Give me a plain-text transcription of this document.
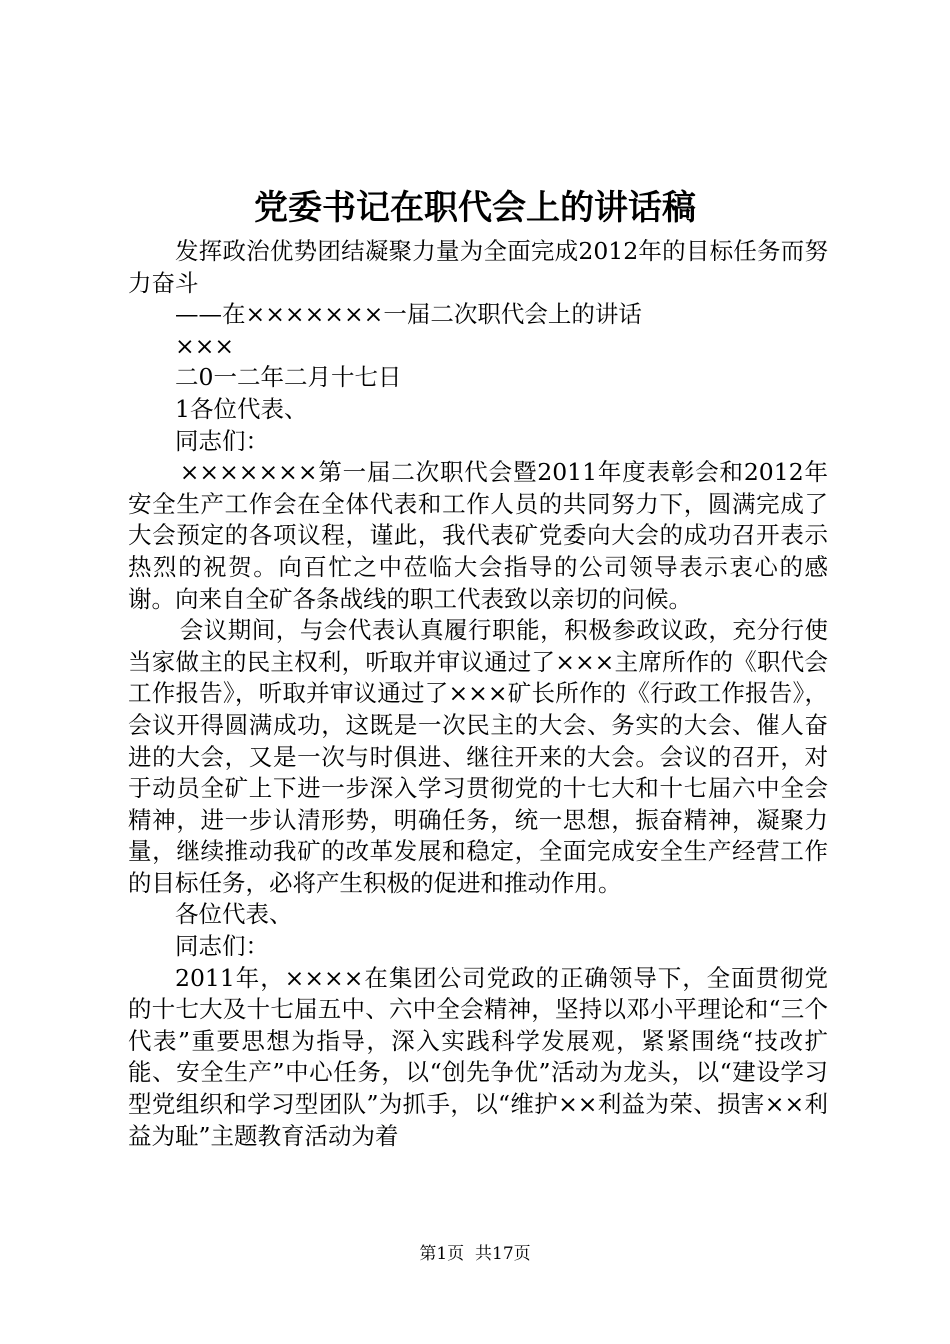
党委书记在职代会上的讲话稿

发挥政治优势团结凝聚力量为全面完成2012年的目标任务而努力奋斗

——在×××××××一届二次职代会上的讲话

×××

二0一二年二月十七日

1各位代表、

同志们：

×××××××第一届二次职代会暨2011年度表彰会和2012年安全生产工作会在全体代表和工作人员的共同努力下，圆满完成了大会预定的各项议程，谨此，我代表矿党委向大会的成功召开表示热烈的祝贺。向百忙之中莅临大会指导的公司领导表示衷心的感谢。向来自全矿各条战线的职工代表致以亲切的问候。

会议期间，与会代表认真履行职能，积极参政议政，充分行使当家做主的民主权利，听取并审议通过了×××主席所作的《职代会工作报告》，听取并审议通过了×××矿长所作的《行政工作报告》，会议开得圆满成功，这既是一次民主的大会、务实的大会、催人奋进的大会，又是一次与时俱进、继往开来的大会。会议的召开，对于动员全矿上下进一步深入学习贯彻党的十七大和十七届六中全会精神，进一步认清形势，明确任务，统一思想，振奋精神，凝聚力量，继续推动我矿的改革发展和稳定，全面完成安全生产经营工作的目标任务，必将产生积极的促进和推动作用。

各位代表、

同志们：

2011年，××××在集团公司党政的正确领导下，全面贯彻党的十七大及十七届五中、六中全会精神，坚持以邓小平理论和“三个代表”重要思想为指导，深入实践科学发展观，紧紧围绕“技改扩能、安全生产”中心任务，以“创先争优”活动为龙头，以“建设学习型党组织和学习型团队”为抓手，以“维护××利益为荣、损害××利益为耻”主题教育活动为着

第1页 共17页
